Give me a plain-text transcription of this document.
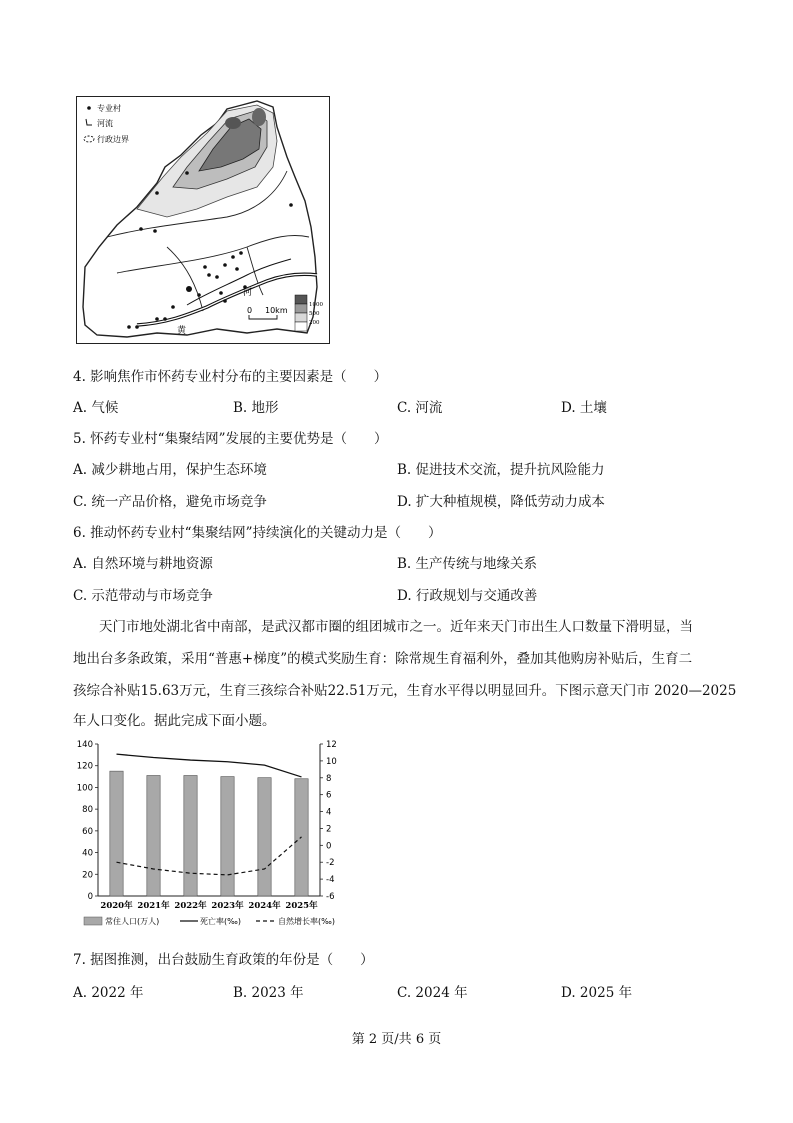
专业村
河流
行政边界
河
黄
0 10km
1000
500
200
4. 影响焦作市怀药专业村分布的主要因素是（　　）
A. 气候	B. 地形	C. 河流	D. 土壤
5. 怀药专业村“集聚结网”发展的主要优势是（　　）
A. 减少耕地占用，保护生态环境	B. 促进技术交流，提升抗风险能力
C. 统一产品价格，避免市场竞争	D. 扩大种植规模，降低劳动力成本
6. 推动怀药专业村“集聚结网”持续演化的关键动力是（　　）
A. 自然环境与耕地资源	B. 生产传统与地缘关系
C. 示范带动与市场竞争	D. 行政规划与交通改善
天门市地处湖北省中南部，是武汉都市圈的组团城市之一。近年来天门市出生人口数量下滑明显，当
地出台多条政策，采用“普惠+梯度”的模式奖励生育：除常规生育福利外，叠加其他购房补贴后，生育二
孩综合补贴15.63万元，生育三孩综合补贴22.51万元，生育水平得以明显回升。下图示意天门市 2020—2025
年人口变化。据此完成下面小题。
140
120
100
80
60
40
20
0
12
10
8
6
4
2
0
-2
-4
-6
2020年 2021年 2022年 2023年 2024年 2025年
常住人口(万人)	死亡率(‰)	自然增长率(‰)
7. 据图推测，出台鼓励生育政策的年份是（　　）
A. 2022 年	B. 2023 年	C. 2024 年	D. 2025 年
第 2 页/共 6 页
